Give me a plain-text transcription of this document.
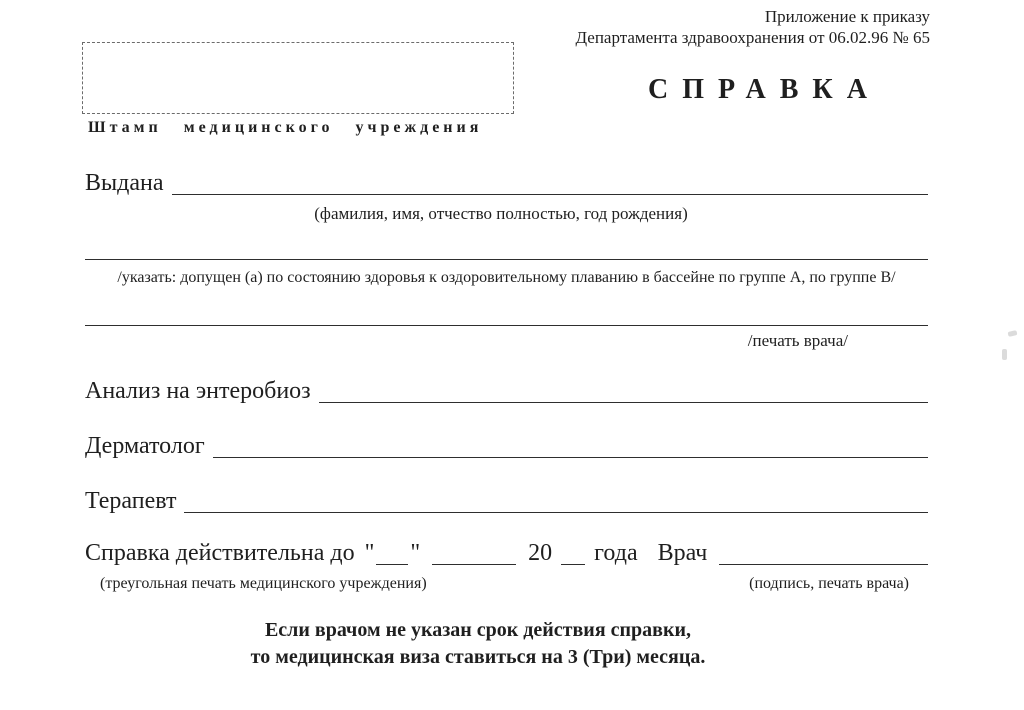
Приложение к приказу
Департамента здравоохранения от 06.02.96 № 65
Штамп медицинского учреждения
СПРАВКА
Выдана
(фамилия, имя, отчество полностью, год рождения)
/указать: допущен (а) по состоянию здоровья к оздоровительному плаванию в бассейне по группе А, по группе В/
/печать врача/
Анализ на энтеробиоз
Дерматолог
Терапевт
Справка действительна до " "	20 года Врач
(треугольная печать медицинского учреждения)	(подпись, печать врача)
Если врачом не указан срок действия справки,
то медицинская виза ставиться на 3 (Три) месяца.
